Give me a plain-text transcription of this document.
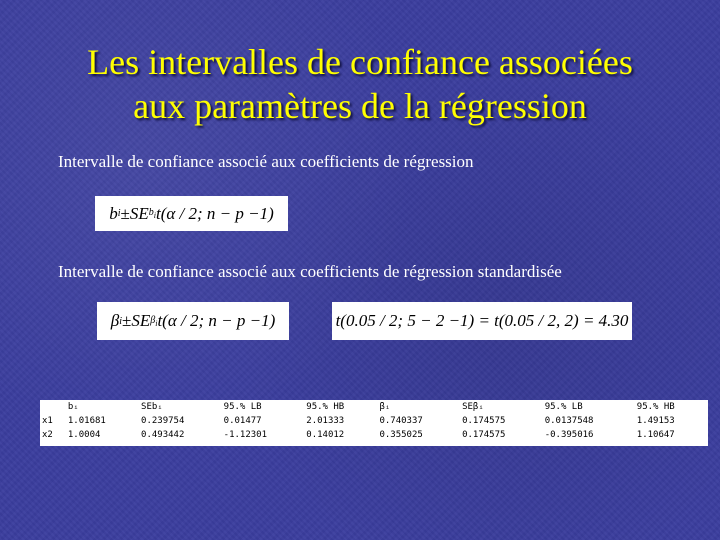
Les intervalles de confiance associées
aux paramètres de la régression
Intervalle de confiance associé aux coefficients de régression
b i ± SE $b_i$ t(α / 2; n − p −1)
Intervalle de confiance associé aux coefficients de régression standardisée
β i ± SE $\beta_i$ t(α / 2; n − p −1)	t(0.05 / 2; 5 − 2 −1) = t(0.05 / 2, 2) = 4.30
	bᵢ	SEbᵢ	95.% LB	95.% HB	βᵢ	SEβᵢ	95.% LB	95.% HB
x1	1.01681	0.239754	0.01477	2.01333	0.740337	0.174575	0.0137548	1.49153
x2	1.0004	0.493442	-1.12301	0.14012	0.355025	0.174575	-0.395016	1.10647
